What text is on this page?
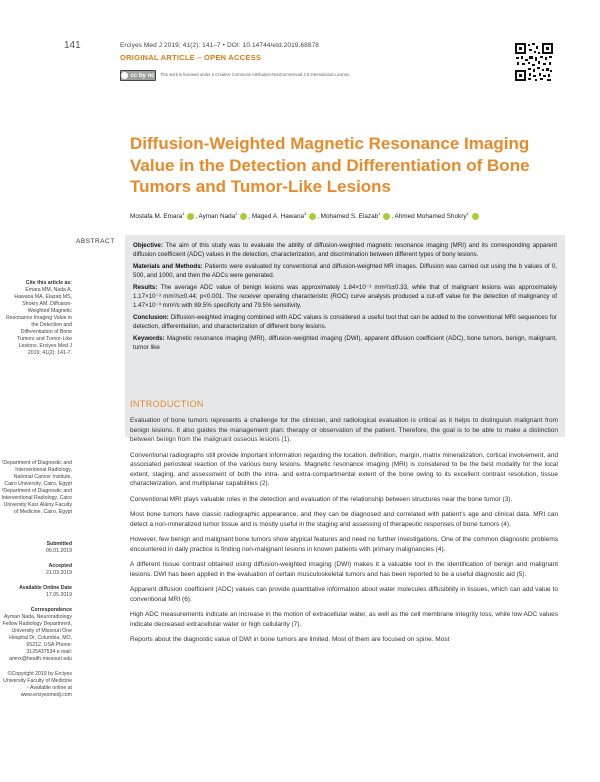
141	Erciyes Med J 2019; 41(2): 141–7 • DOI: 10.14744/etd.2019.68878
ORIGINAL ARTICLE – OPEN ACCESS
cc by nc This work is licensed under a Creative Commons Attribution-NonCommercial 4.0 International License.
Diffusion-Weighted Magnetic Resonance Imaging Value in the Detection and Differentiation of Bone Tumors and Tumor-Like Lesions
Mostafa M. Emara$^1$ , Ayman Nada$^2$ , Maged A. Hawana$^3$ , Mohamed S. Elazab$^1$ , Ahmed Mohamed Shokry$^1$
ABSTRACT

Objective: The aim of this study was to evaluate the ability of diffusion-weighted magnetic resonance imaging (MRI) and its corresponding apparent diffusion coefficient (ADC) values in the detection, characterization, and discrimination between different types of bony lesions.

Materials and Methods: Patients were evaluated by conventional and diffusion-weighted MR images. Diffusion was carried out using the b values of 0, 500, and 1000, and then the ADCs were generated.

Results: The average ADC value of benign lesions was approximately 1.84×10⁻³ mm²/s±0.33, while that of malignant lesions was approximately 1.17×10⁻³ mm²/s±0.44; p<0.001. The receiver operating characteristic (ROC) curve analysis produced a cut-off value for the detection of malignancy of 1.47×10⁻³ mm²/s with 89.5% specificity and 79.5% sensitivity.

Conclusion: Diffusion-weighted imaging combined with ADC values is considered a useful tool that can be added to the conventional MRI sequences for detection, differentiation, and characterization of different bony lesions.

Keywords: Magnetic resonance imaging (MRI), diffusion-weighted imaging (DWI), apparent diffusion coefficient (ADC), bone tumors, benign, malignant, tumor like

Cite this article as:
Emara MM, Nada A, Hawana MA, Elazab MS, Shokry AM. Diffusion-Weighted Magnetic Resonance Imaging Value in the Detection and Differentiation of Bone Tumors and Tumor-Like Lesions. Erciyes Med J 2019; 41(2): 141-7.
¹Department of Diagnostic and Interventional Radiology, National Cancer Institute, Cairo University, Cairo, Egypt ²Department of Diagnostic and Interventional Radiology, Cairo University Kasr Alainy Faculty of Medicine, Cairo, Egypt
Submitted
06.01.2019
Accepted
21.03.2019
Available Online Date
17.05.2019
Correspondence
Ayman Nada, Neuroradiology Fellow Radiology Department, University of Missouri One Hospital Dr, Columbia, MO, 65212, USA Phone: 3125437534 e.mail: amnx@health.missouri.edu
©Copyright 2019 by Erciyes University Faculty of Medicine - Available online at www.erciyesmedj.com
INTRODUCTION

Evaluation of bone tumors represents a challenge for the clinician, and radiological evaluation is critical as it helps to distinguish malignant from benign lesions. It also guides the management plan: therapy or observation of the patient. Therefore, the goal is to be able to make a distinction between benign from the malignant osseous lesions (1).

Conventional radiographs still provide important information regarding the location, definition, margin, matrix mineralization, cortical involvement, and associated periosteal reaction of the various bony lesions. Magnetic resonance imaging (MRI) is considered to be the best modality for the local extent, staging, and assessment of both the intra- and extra-compartmental extent of the bone owing to its excellent contrast resolution, tissue characterization, and multiplanar capabilities (2).

Conventional MRI plays valuable roles in the detection and evaluation of the relationship between structures near the bone tumor (3).

Most bone tumors have classic radiographic appearance, and they can be diagnosed and correlated with patient's age and clinical data. MRI can detect a non-mineralized tumor tissue and is mostly useful in the staging and assessing of therapeutic responses of bone tumors (4).

However, few benign and malignant bone tumors show atypical features and need no further investigations. One of the common diagnostic problems encountered in daily practice is finding non-malignant lesions in known patients with primary malignancies (4).

A different tissue contrast obtained using diffusion-weighted imaging (DWI) makes it a valuable tool in the identification of benign and malignant lesions. DWI has been applied in the evaluation of certain musculoskeletal tumors and has been reported to be a useful diagnostic aid (5).

Apparent diffusion coefficient (ADC) values can provide quantitative information about water molecules diffusibility in tissues, which can add value to conventional MRI (6).

High ADC measurements indicate an increase in the motion of extracellular water, as well as the cell membrane integrity loss, while low ADC values indicate decreased extracellular water or high cellularity (7).

Reports about the diagnostic value of DWI in bone tumors are limited. Most of them are focused on spine. Most
